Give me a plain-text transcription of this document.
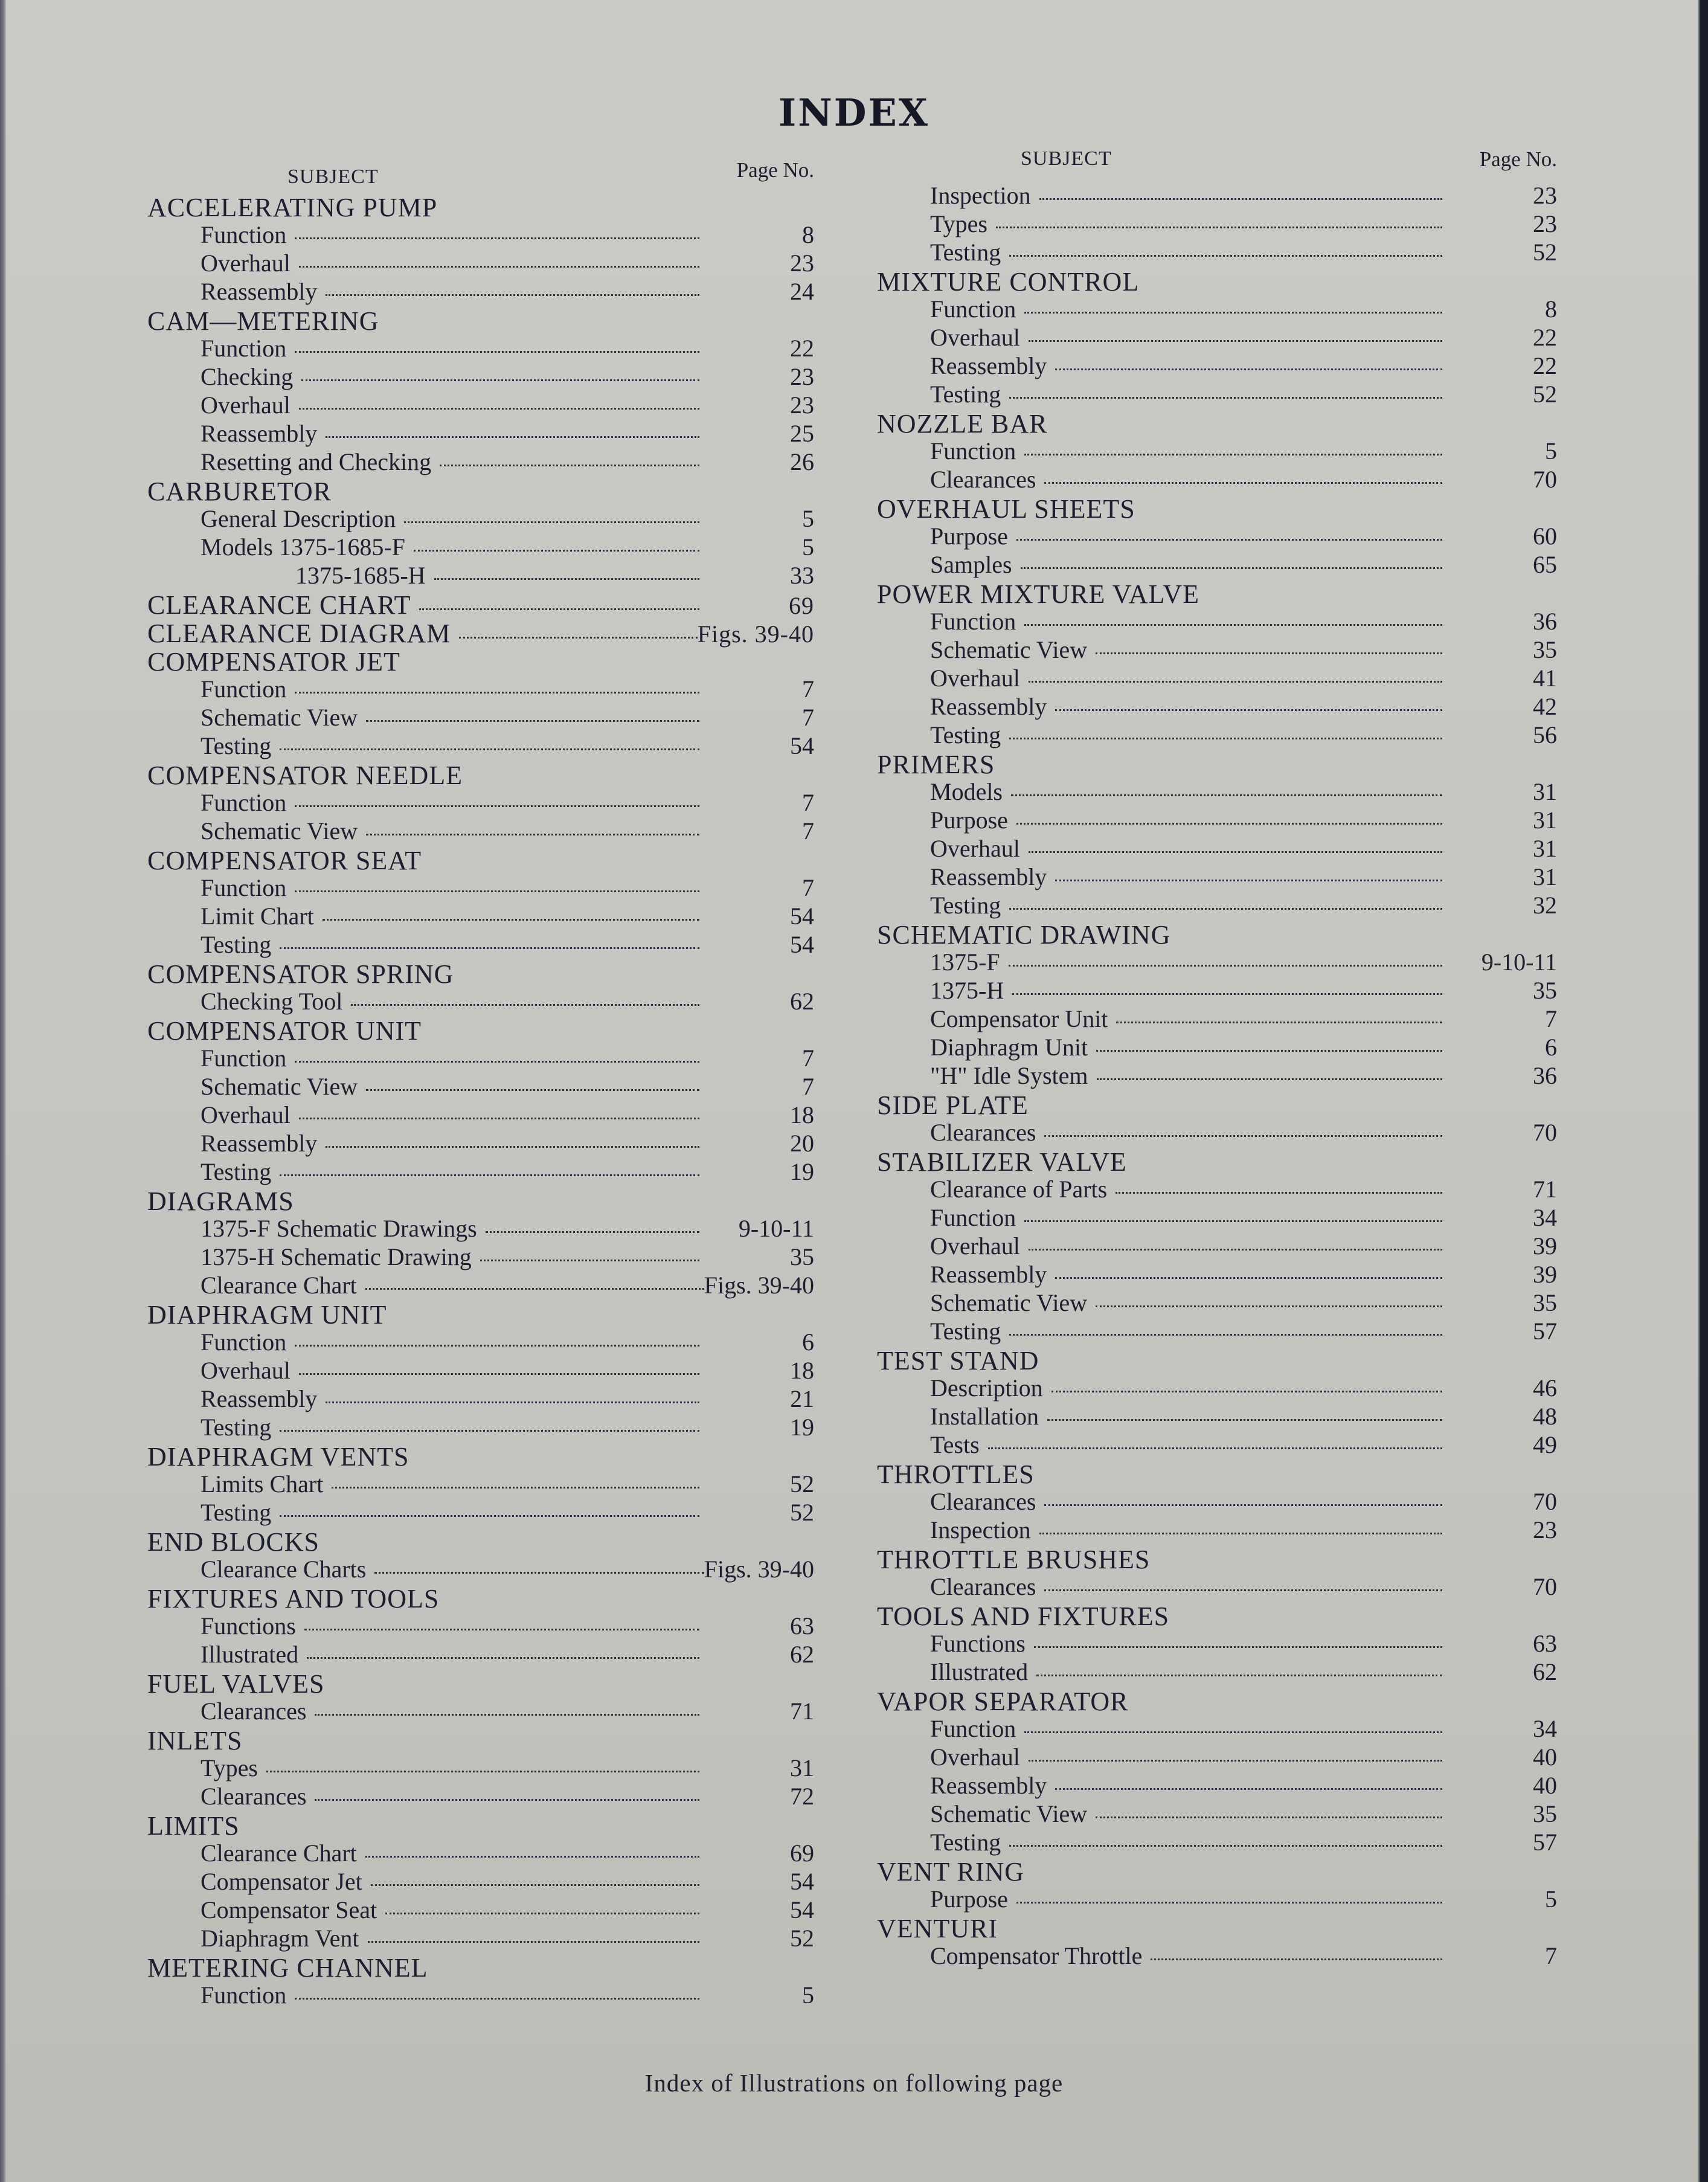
INDEX
SUBJECT	Page No.
ACCELERATING PUMP
Function	8
Overhaul	23
Reassembly	24
CAM—METERING
Function	22
Checking	23
Overhaul	23
Reassembly	25
Resetting and Checking	26
CARBURETOR
General Description	5
Models 1375-1685-F	5
1375-1685-H	33
CLEARANCE CHART	69
CLEARANCE DIAGRAM	Figs. 39-40
COMPENSATOR JET
Function	7
Schematic View	7
Testing	54
COMPENSATOR NEEDLE
Function	7
Schematic View	7
COMPENSATOR SEAT
Function	7
Limit Chart	54
Testing	54
COMPENSATOR SPRING
Checking Tool	62
COMPENSATOR UNIT
Function	7
Schematic View	7
Overhaul	18
Reassembly	20
Testing	19
DIAGRAMS
1375-F Schematic Drawings	9-10-11
1375-H Schematic Drawing	35
Clearance Chart	Figs. 39-40
DIAPHRAGM UNIT
Function	6
Overhaul	18
Reassembly	21
Testing	19
DIAPHRAGM VENTS
Limits Chart	52
Testing	52
END BLOCKS
Clearance Charts	Figs. 39-40
FIXTURES AND TOOLS
Functions	63
Illustrated	62
FUEL VALVES
Clearances	71
INLETS
Types	31
Clearances	72
LIMITS
Clearance Chart	69
Compensator Jet	54
Compensator Seat	54
Diaphragm Vent	52
METERING CHANNEL
Function	5
SUBJECT	Page No.
Inspection	23
Types	23
Testing	52
MIXTURE CONTROL
Function	8
Overhaul	22
Reassembly	22
Testing	52
NOZZLE BAR
Function	5
Clearances	70
OVERHAUL SHEETS
Purpose	60
Samples	65
POWER MIXTURE VALVE
Function	36
Schematic View	35
Overhaul	41
Reassembly	42
Testing	56
PRIMERS
Models	31
Purpose	31
Overhaul	31
Reassembly	31
Testing	32
SCHEMATIC DRAWING
1375-F	9-10-11
1375-H	35
Compensator Unit	7
Diaphragm Unit	6
"H" Idle System	36
SIDE PLATE
Clearances	70
STABILIZER VALVE
Clearance of Parts	71
Function	34
Overhaul	39
Reassembly	39
Schematic View	35
Testing	57
TEST STAND
Description	46
Installation	48
Tests	49
THROTTLES
Clearances	70
Inspection	23
THROTTLE BRUSHES
Clearances	70
TOOLS AND FIXTURES
Functions	63
Illustrated	62
VAPOR SEPARATOR
Function	34
Overhaul	40
Reassembly	40
Schematic View	35
Testing	57
VENT RING
Purpose	5
VENTURI
Compensator Throttle	7
Index of Illustrations on following page
